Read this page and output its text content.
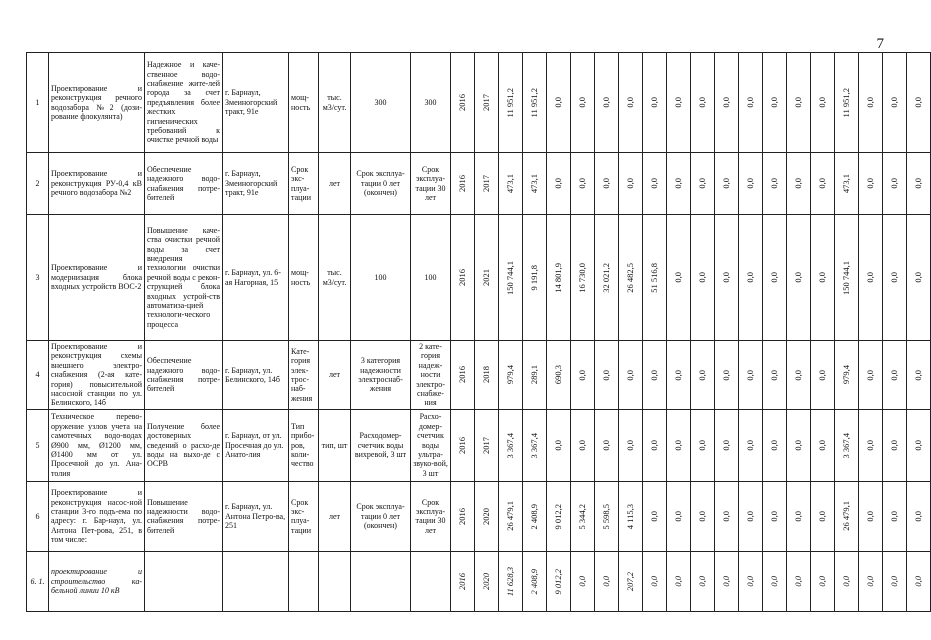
7
1	Проектирование и реконструкция речного водозабора №2 (дози-рование флокулянта)	Надежное и каче-ственное водо-снабжение жите-лей города за счет предъявления более жестких гигиенических требований к очистке речной воды	г. Барнаул, Змеиногорский тракт, 91е	мощ-ность	тыс. м3/сут.	300	300	2016	2017	11 951,2	11 951,2	0,0	0,0	0,0	0,0	0,0	0,0	0,0	0,0	0,0	0,0	0,0	0,0	11 951,2	0,0	0,0	0,0

2	Проектирование и реконструкция РУ-0,4 кВ речного водозабора №2	Обеспечение надежного водо-снабжения потре-бителей	г. Барнаул, Змеиногорский тракт, 91е	Срок экс-плуа-тации	лет	Срок эксплуа-тации 0 лет (окончен)	Срок эксплуа-тации 30 лет	2016	2017	473,1	473,1	0,0	0,0	0,0	0,0	0,0	0,0	0,0	0,0	0,0	0,0	0,0	0,0	473,1	0,0	0,0	0,0

3	Проектирование и модернизация блока входных устройств ВОС-2	Повышение каче-ства очистки речной воды за счет внедрения технологии очистки речной воды с рекон-струкцией блока входных устрой-ств автоматиза-цией технологи-ческого процесса	г. Барнаул, ул. 6-ая Нагорная, 15	мощ-ность	тыс. м3/сут.	100	100	2016	2021	150 744,1	9 191,8	14 801,9	16 730,0	32 021,2	26 482,5	51 516,8	0,0	0,0	0,0	0,0	0,0	0,0	0,0	150 744,1	0,0	0,0	0,0

4	Проектирование и реконструкция схемы внешнего электро-снабжения (2-ая кате-гория) повысительной насосной станции по ул. Белинского, 14б	Обеспечение надежного водо-снабжения потре-бителей	г. Барнаул, ул. Белинского, 14б	Кате-гория элек-трос-наб-жения	лет	3 категория надежности электроснаб-жения	2 кате-гория надеж-ности электро-снабже-ния	2016	2018	979,4	289,1	690,3	0,0	0,0	0,0	0,0	0,0	0,0	0,0	0,0	0,0	0,0	0,0	979,4	0,0	0,0	0,0

5	Техническое перево-оружение узлов учета на самотечных водо-водах Ø900 мм, Ø1200 мм, Ø1400 мм от ул. Просечной до ул. Ана-толия	Получение более достоверных сведений о расхо-де воды на выхо-де с ОСРВ	г. Барнаул, от ул. Просечная до ул. Анато-лия	Тип прибо-ров, коли-чество	тип, шт	Расходомер-счетчик воды вихревой, 3 шт	Расхо-домер-счетчик воды ультра-звуко-вой, 3 шт	2016	2017	3 367,4	3 367,4	0,0	0,0	0,0	0,0	0,0	0,0	0,0	0,0	0,0	0,0	0,0	0,0	3 367,4	0,0	0,0	0,0

6	Проектирование и реконструкция насос-ной станции 3-го подъ-ема по адресу: г. Бар-наул, ул. Антона Пет-рова, 251, в том числе:	Повышение надежности водо-снабжения потре-бителей	г. Барнаул, ул. Антона Петро-ва, 251	Срок экс-плуа-тации	лет	Срок эксплуа-тации 0 лет (окончен)	Срок эксплуа-тации 30 лет	2016	2020	26 479,1	2 408,9	9 012,2	5 344,2	5 598,5	4 115,3	0,0	0,0	0,0	0,0	0,0	0,0	0,0	0,0	26 479,1	0,0	0,0	0,0

6. 1.	проектирование и строительство ка-бельной линии 10 кВ							2016	2020	11 628,3	2 408,9	9 012,2	0,0	0,0	207,2	0,0	0,0	0,0	0,0	0,0	0,0	0,0	0,0	0,0	0,0	0,0	0,0
